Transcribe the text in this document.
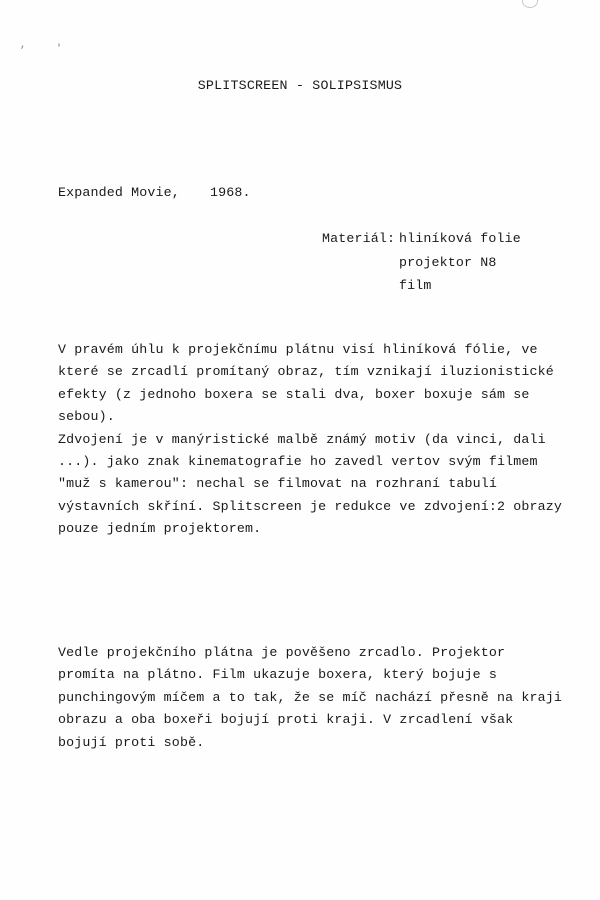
,	'
SPLITSCREEN - SOLIPSISMUS
Expanded Movie, 1968.
Materiál: hliníková folie
projektor N8
film
V pravém úhlu k projekčnímu plátnu visí hliníková fólie, ve
které se zrcadlí promítaný obraz, tím vznikají iluzionistické
efekty (z jednoho boxera se stali dva, boxer boxuje sám se
sebou).
Zdvojení je v manýristické malbě známý motiv (da vinci, dali
...). jako znak kinematografie ho zavedl vertov svým filmem
"muž s kamerou": nechal se filmovat na rozhraní tabulí
výstavních skříní. Splitscreen je redukce ve zdvojení:2 obrazy
pouze jedním projektorem.
Vedle projekčního plátna je pověšeno zrcadlo. Projektor
promíta na plátno. Film ukazuje boxera, který bojuje s
punchingovým míčem a to tak, že se míč nachází přesně na kraji
obrazu a oba boxeři bojují proti kraji. V zrcadlení však
bojují proti sobě.
